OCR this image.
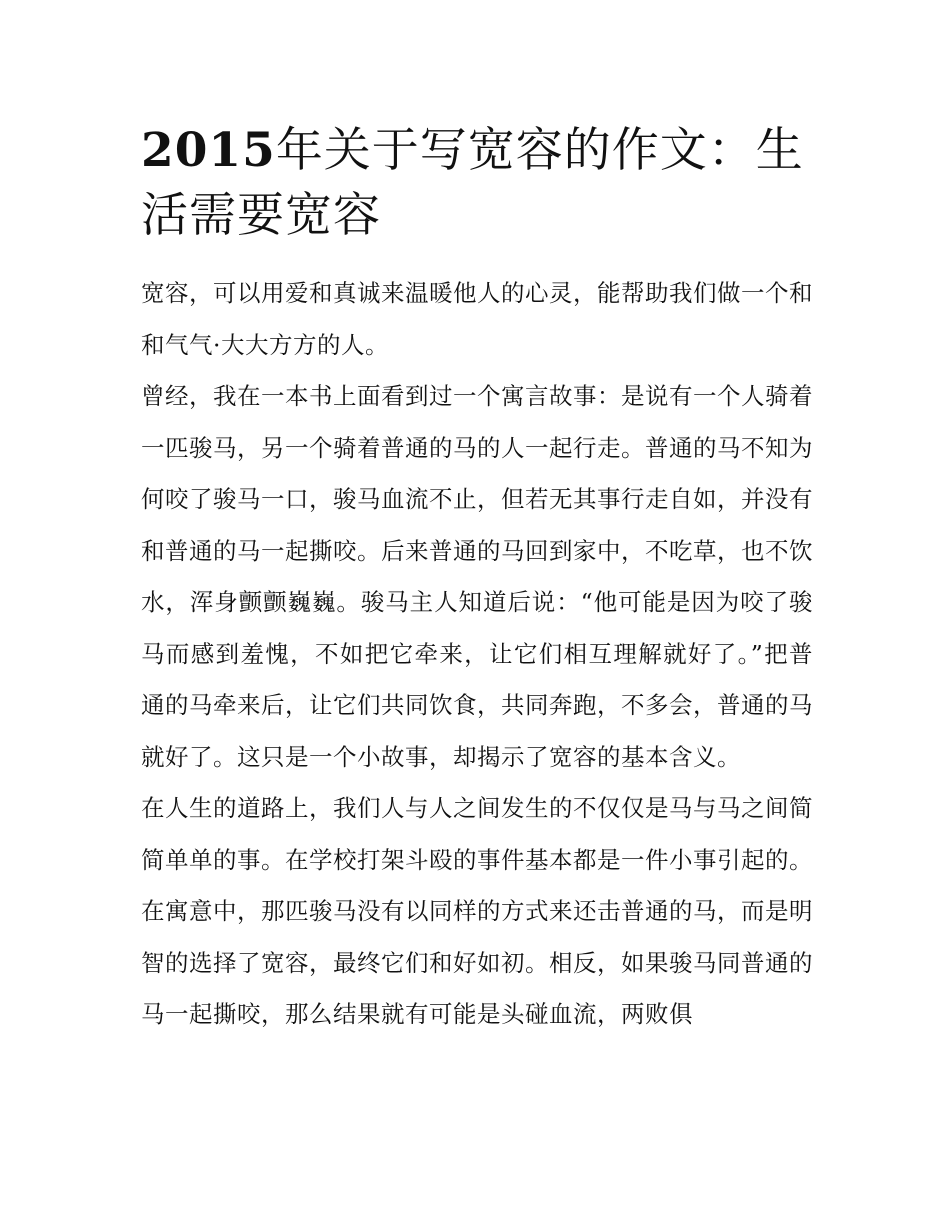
2015年关于写宽容的作文：生活需要宽容

宽容，可以用爱和真诚来温暖他人的心灵，能帮助我们做一个和和气气·大大方方的人。

曾经，我在一本书上面看到过一个寓言故事：是说有一个人骑着一匹骏马，另一个骑着普通的马的人一起行走。普通的马不知为何咬了骏马一口，骏马血流不止，但若无其事行走自如，并没有和普通的马一起撕咬。后来普通的马回到家中，不吃草，也不饮水，浑身颤颤巍巍。骏马主人知道后说：“他可能是因为咬了骏马而感到羞愧，不如把它牵来，让它们相互理解就好了。”把普通的马牵来后，让它们共同饮食，共同奔跑，不多会，普通的马就好了。这只是一个小故事，却揭示了宽容的基本含义。

在人生的道路上，我们人与人之间发生的不仅仅是马与马之间简简单单的事。在学校打架斗殴的事件基本都是一件小事引起的。在寓意中，那匹骏马没有以同样的方式来还击普通的马，而是明智的选择了宽容，最终它们和好如初。相反，如果骏马同普通的马一起撕咬，那么结果就有可能是头碰血流，两败俱
